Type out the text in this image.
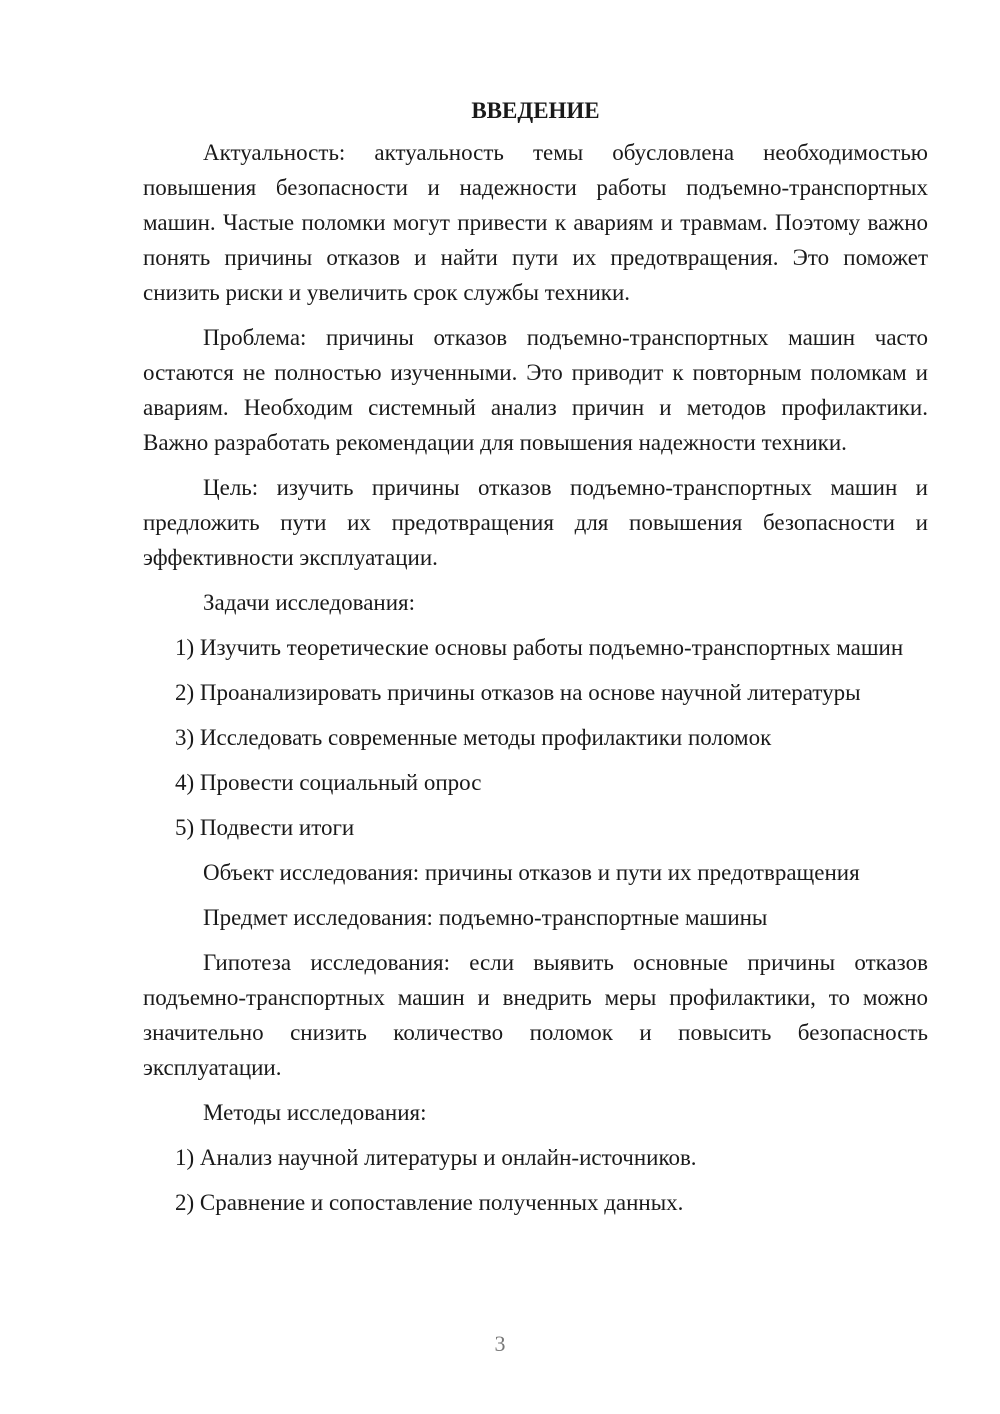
ВВЕДЕНИЕ

Актуальность: актуальность темы обусловлена необходимостью повышения безопасности и надежности работы подъемно-транспортных машин. Частые поломки могут привести к авариям и травмам. Поэтому важно понять причины отказов и найти пути их предотвращения. Это поможет снизить риски и увеличить срок службы техники.

Проблема: причины отказов подъемно-транспортных машин часто остаются не полностью изученными. Это приводит к повторным поломкам и авариям. Необходим системный анализ причин и методов профилактики. Важно разработать рекомендации для повышения надежности техники.

Цель: изучить причины отказов подъемно-транспортных машин и предложить пути их предотвращения для повышения безопасности и эффективности эксплуатации.

Задачи исследования:

1) Изучить теоретические основы работы подъемно-транспортных машин

2) Проанализировать причины отказов на основе научной литературы

3) Исследовать современные методы профилактики поломок

4) Провести социальный опрос

5) Подвести итоги

Объект исследования: причины отказов и пути их предотвращения

Предмет исследования: подъемно-транспортные машины

Гипотеза исследования: если выявить основные причины отказов подъемно-транспортных машин и внедрить меры профилактики, то можно значительно снизить количество поломок и повысить безопасность эксплуатации.

Методы исследования:

1) Анализ научной литературы и онлайн-источников.

2) Сравнение и сопоставление полученных данных.

3
